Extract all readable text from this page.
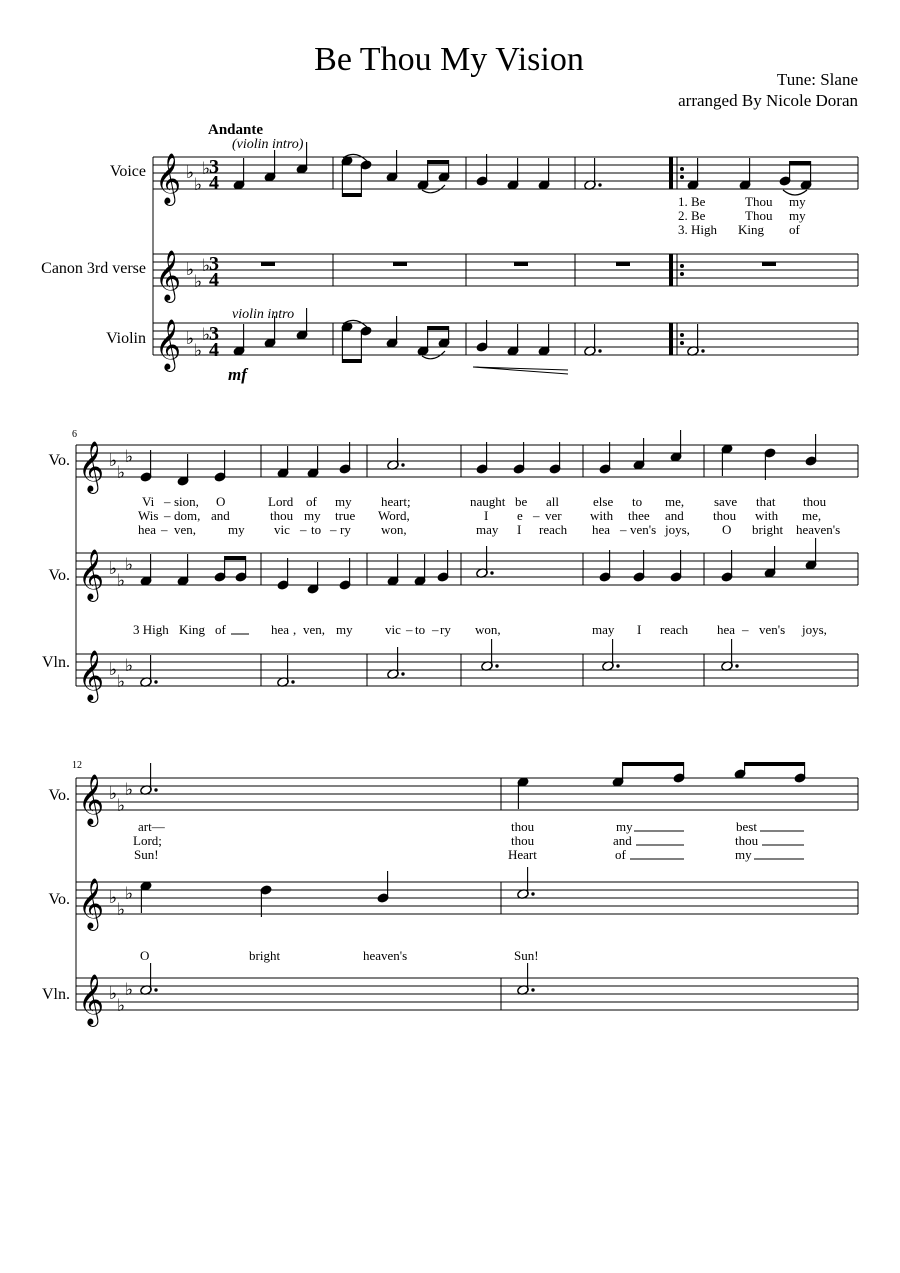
Be Thou My Vision
Tune: Slane
arranged By Nicole Doran
Andante
(violin intro)
violin intro
mf
Voice
Canon 3rd verse
Violin
Vo.
Vo.
Vln.
Vo.
Vo.
Vln.
6
12
3
4
3
4
3
4
1. Be	Thou my
2. Be	Thou my
3. High King of
Vi sion, O	Lord of my heart;	naught be all	else to me, save that thou
–
Wis dom, and	thou my true Word,	I e ver with thee and thou with me,
–	–
hea ven, my vic to ry won,	may I reach hea ven's joys, O bright heaven's
–	– –	–
3 High King of	hea ven, my vic to ry won,	may I reach hea ven's joys,
,	– –	–
art—	thou	my	best
Lord;	thou	and	thou
Sun!	Heart	of	my
O	bright	heaven's	Sun!
𝄞 ♭
♭
♭
𝄞 ♭
♭
♭
𝄞 ♭
♭
♭
𝄞 ♭
♭
♭
𝄞 ♭
♭
♭
𝄞 ♭
♭
♭
𝄞 ♭
♭
♭
𝄞 ♭
♭
♭
𝄞 ♭
♭
♭
